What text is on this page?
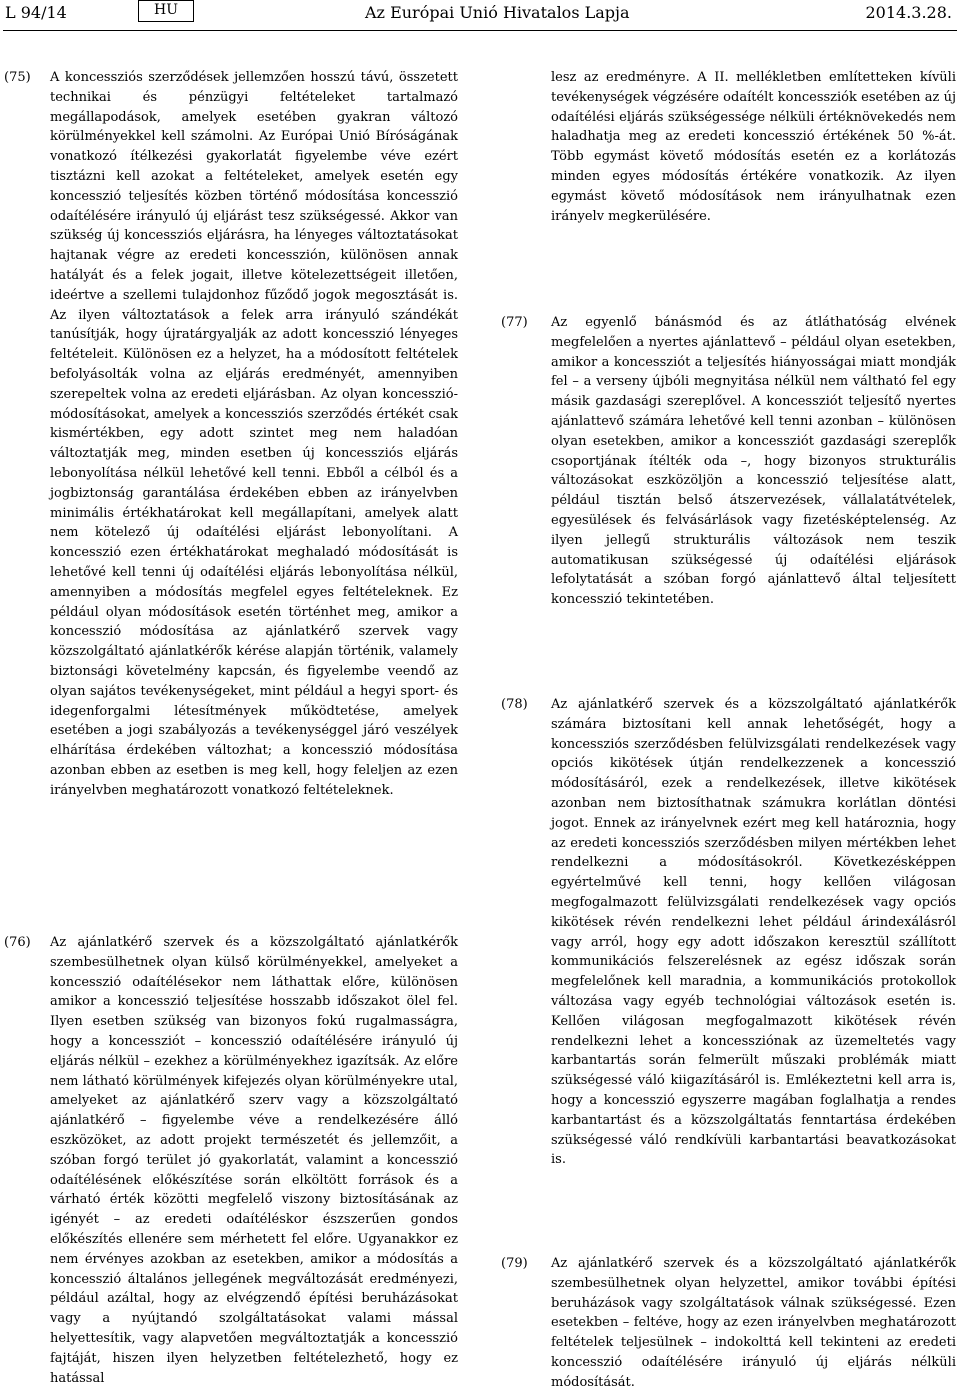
L 94/14	HU	Az Európai Unió Hivatalos Lapja	2014.3.28.
(75) A koncessziós szerződések jellemzően hosszú távú, összetett technikai és pénzügyi feltételeket tartalmazó megállapodások, amelyek esetében gyakran változó körülményekkel kell számolni. Az Európai Unió Bíróságának vonatkozó ítélkezési gyakorlatát figyelembe véve ezért tisztázni kell azokat a feltételeket, amelyek esetén egy koncesszió teljesítés közben történő módosítása koncesszió odaítélésére irányuló új eljárást tesz szükségessé. Akkor van szükség új koncessziós eljárásra, ha lényeges változtatásokat hajtanak végre az eredeti koncesszión, különösen annak hatályát és a felek jogait, illetve kötelezettségeit illetően, ideértve a szellemi tulajdonhoz fűződő jogok megosztását is. Az ilyen változtatások a felek arra irányuló szándékát tanúsítják, hogy újratárgyalják az adott koncesszió lényeges feltételeit. Különösen ez a helyzet, ha a módosított feltételek befolyásolták volna az eljárás eredményét, amennyiben szerepeltek volna az eredeti eljárásban. Az olyan koncesszió-módosításokat, amelyek a koncessziós szerződés értékét csak kismértékben, egy adott szintet meg nem haladóan változtatják meg, minden esetben új koncessziós eljárás lebonyolítása nélkül lehetővé kell tenni. Ebből a célból és a jogbiztonság garantálása érdekében ebben az irányelvben minimális értékhatárokat kell megállapítani, amelyek alatt nem kötelező új odaítélési eljárást lebonyolítani. A koncesszió ezen értékhatárokat meghaladó módosítását is lehetővé kell tenni új odaítélési eljárás lebonyolítása nélkül, amennyiben a módosítás megfelel egyes feltételeknek. Ez például olyan módosítások esetén történhet meg, amikor a koncesszió módosítása az ajánlatkérő szervek vagy közszolgáltató ajánlatkérők kérése alapján történik, valamely biztonsági követelmény kapcsán, és figyelembe veendő az olyan sajátos tevékenységeket, mint például a hegyi sport- és idegenforgalmi létesítmények működtetése, amelyek esetében a jogi szabályozás a tevékenységgel járó veszélyek elhárítása érdekében változhat; a koncesszió módosítása azonban ebben az esetben is meg kell, hogy feleljen az ezen irányelvben meghatározott vonatkozó feltételeknek.

(76) Az ajánlatkérő szervek és a közszolgáltató ajánlatkérők szembesülhetnek olyan külső körülményekkel, amelyeket a koncesszió odaítélésekor nem láthattak előre, különösen amikor a koncesszió teljesítése hosszabb időszakot ölel fel. Ilyen esetben szükség van bizonyos fokú rugalmasságra, hogy a koncessziót – koncesszió odaítélésére irányuló új eljárás nélkül – ezekhez a körülményekhez igazítsák. Az előre nem látható körülmények kifejezés olyan körülményekre utal, amelyeket az ajánlatkérő szerv vagy a közszolgáltató ajánlatkérő – figyelembe véve a rendelkezésére álló eszközöket, az adott projekt természetét és jellemzőit, a szóban forgó terület jó gyakorlatát, valamint a koncesszió odaítélésének előkészítése során elköltött források és a várható érték közötti megfelelő viszony biztosításának az igényét – az eredeti odaítéléskor észszerűen gondos előkészítés ellenére sem mérhetett fel előre. Ugyanakkor ez nem érvényes azokban az esetekben, amikor a módosítás a koncesszió általános jellegének megváltozását eredményezi, például azáltal, hogy az elvégzendő építési beruházásokat vagy a nyújtandó szolgáltatásokat valami mással helyettesítik, vagy alapvetően megváltoztatják a koncesszió fajtáját, hiszen ilyen helyzetben feltételezhető, hogy ez hatással

lesz az eredményre. A II. mellékletben említetteken kívüli tevékenységek végzésére odaítélt koncessziók esetében az új odaítélési eljárás szükségessége nélküli értéknövekedés nem haladhatja meg az eredeti koncesszió értékének 50 %-át. Több egymást követő módosítás esetén ez a korlátozás minden egyes módosítás értékére vonatkozik. Az ilyen egymást követő módosítások nem irányulhatnak ezen irányelv megkerülésére.

(77) Az egyenlő bánásmód és az átláthatóság elvének megfelelően a nyertes ajánlattevő – például olyan esetekben, amikor a koncessziót a teljesítés hiányosságai miatt mondják fel – a verseny újbóli megnyitása nélkül nem váltható fel egy másik gazdasági szereplővel. A koncessziót teljesítő nyertes ajánlattevő számára lehetővé kell tenni azonban – különösen olyan esetekben, amikor a koncessziót gazdasági szereplők csoportjának ítélték oda –, hogy bizonyos strukturális változásokat eszközöljön a koncesszió teljesítése alatt, például tisztán belső átszervezések, vállalatátvételek, egyesülések és felvásárlások vagy fizetésképtelenség. Az ilyen jellegű strukturális változások nem teszik automatikusan szükségessé új odaítélési eljárások lefolytatását a szóban forgó ajánlattevő által teljesített koncesszió tekintetében.

(78) Az ajánlatkérő szervek és a közszolgáltató ajánlatkérők számára biztosítani kell annak lehetőségét, hogy a koncessziós szerződésben felülvizsgálati rendelkezések vagy opciós kikötések útján rendelkezzenek a koncesszió módosításáról, ezek a rendelkezések, illetve kikötések azonban nem biztosíthatnak számukra korlátlan döntési jogot. Ennek az irányelvnek ezért meg kell határoznia, hogy az eredeti koncessziós szerződésben milyen mértékben lehet rendelkezni a módosításokról. Következésképpen egyértelművé kell tenni, hogy kellően világosan megfogalmazott felülvizsgálati rendelkezések vagy opciós kikötések révén rendelkezni lehet például árindexálásról vagy arról, hogy egy adott időszakon keresztül szállított kommunikációs felszerelésnek az egész időszak során megfelelőnek kell maradnia, a kommunikációs protokollok változása vagy egyéb technológiai változások esetén is. Kellően világosan megfogalmazott kikötések révén rendelkezni lehet a koncessziónak az üzemeltetés vagy karbantartás során felmerült műszaki problémák miatt szükségessé váló kiigazításáról is. Emlékeztetni kell arra is, hogy a koncesszió egyszerre magában foglalhatja a rendes karbantartást és a közszolgáltatás fenntartása érdekében szükségessé váló rendkívüli karbantartási beavatkozásokat is.

(79) Az ajánlatkérő szervek és a közszolgáltató ajánlatkérők szembesülhetnek olyan helyzettel, amikor további építési beruházások vagy szolgáltatások válnak szükségessé. Ezen esetekben – feltéve, hogy az ezen irányelvben meghatározott feltételek teljesülnek – indokolttá kell tekinteni az eredeti koncesszió odaítélésére irányuló új eljárás nélküli módosítását.
